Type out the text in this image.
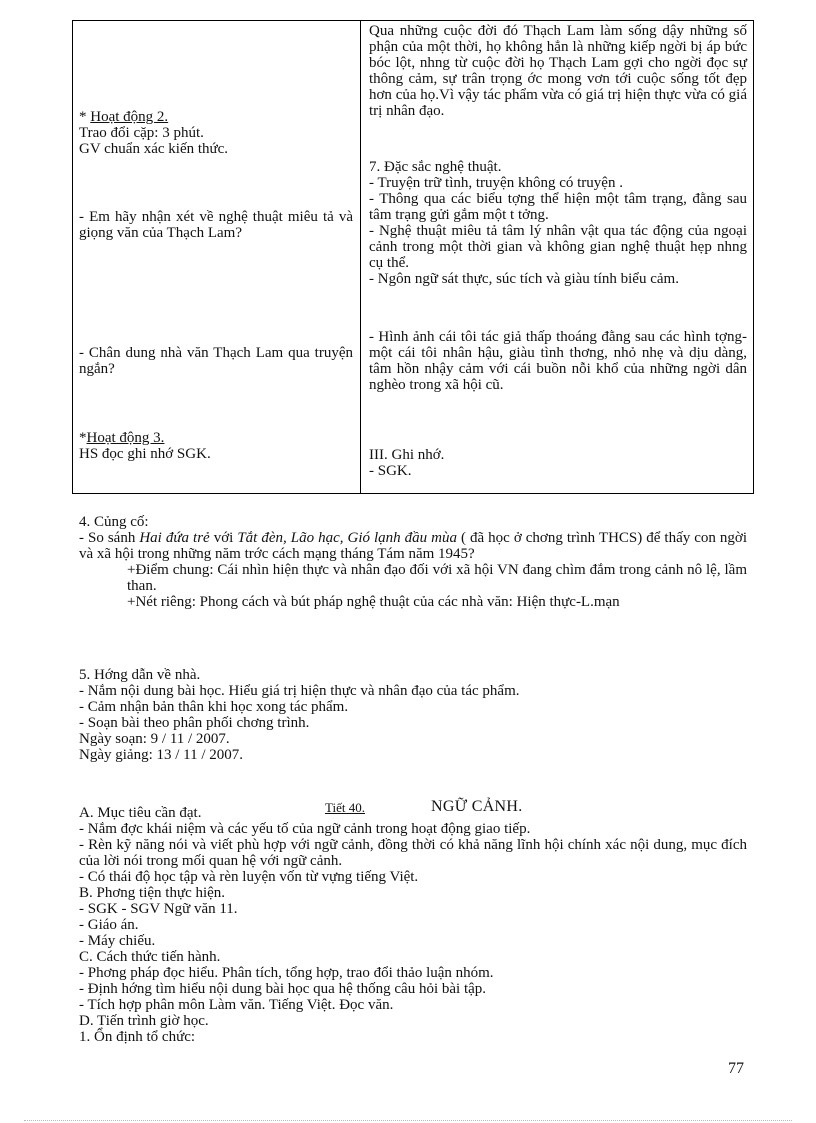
Qua những cuộc đời đó Thạch Lam làm sống dậy những số phận của một thời, họ không hẳn là những kiếp ngời bị áp bức bóc lột, nhng từ cuộc đời họ Thạch Lam gợi cho ngời đọc sự thông cảm, sự trân trọng ớc mong vơn tới cuộc sống tốt đẹp hơn của họ.Vì vậy tác phẩm vừa có giá trị hiện thực vừa có giá trị nhân đạo.
* Hoạt động 2.
Trao đổi cặp: 3 phút.
GV chuẩn xác kiến thức.
7. Đặc sắc nghệ thuật.
- Truyện trữ tình, truyện không có truyện .
- Thông qua các biểu tợng thể hiện một tâm trạng, đằng sau tâm trạng gửi gắm một t tởng.
- Nghệ thuật miêu tả tâm lý nhân vật qua tác động của ngoại cảnh trong một thời gian và không gian nghệ thuật hẹp nhng cụ thể.
- Ngôn ngữ sát thực, súc tích và giàu tính biểu cảm.
- Em hãy nhận xét về nghệ thuật miêu tả và giọng văn của Thạch Lam?
- Hình ảnh cái tôi tác giả thấp thoáng đằng sau các hình tợng- một cái tôi nhân hậu, giàu tình thơng, nhỏ nhẹ và dịu dàng, tâm hồn nhậy cảm với cái buồn nỗi khổ của những ngời dân nghèo trong xã hội cũ.
- Chân dung nhà văn Thạch Lam qua truyện ngắn?
*Hoạt động 3.
HS đọc ghi nhớ SGK.	III. Ghi nhớ.
- SGK.
4. Củng cố:
- So sánh Hai đứa trẻ với Tắt đèn, Lão hạc, Gió lạnh đầu mùa ( đã học ở chơng trình THCS) để thấy con ngời và xã hội trong những năm trớc cách mạng tháng Tám năm 1945?
+Điểm chung: Cái nhìn hiện thực và nhân đạo đối với xã hội VN đang chìm đắm trong cảnh nô lệ, lầm than.
+Nét riêng: Phong cách và bút pháp nghệ thuật của các nhà văn: Hiện thực-L.mạn
5. Hớng dẫn về nhà.
- Nắm nội dung bài học. Hiểu giá trị hiện thực và nhân đạo của tác phẩm.
- Cảm nhận bản thân khi học xong tác phẩm.
- Soạn bài theo phân phối chơng trình.
Ngày soạn: 9 / 11 / 2007.
Ngày giảng: 13 / 11 / 2007.
Tiết 40.	NGỮ CẢNH.
A. Mục tiêu cần đạt.
- Nắm đợc khái niệm và các yếu tố của ngữ cảnh trong hoạt động giao tiếp.
- Rèn kỹ năng nói và viết phù hợp với ngữ cảnh, đồng thời có khả năng lĩnh hội chính xác nội dung, mục đích của lời nói trong mối quan hệ với ngữ cảnh.
- Có thái độ học tập và rèn luyện vốn từ vựng tiếng Việt.
B. Phơng tiện thực hiện.
- SGK - SGV Ngữ văn 11.
- Giáo án.
- Máy chiếu.
C. Cách thức tiến hành.
- Phơng pháp đọc hiểu. Phân tích, tổng hợp, trao đổi thảo luận nhóm.
- Định hớng tìm hiểu nội dung bài học qua hệ thống câu hỏi bài tập.
- Tích hợp phân môn Làm văn. Tiếng Việt. Đọc văn.
D. Tiến trình giờ học.
1. Ổn định tổ chức:
77
